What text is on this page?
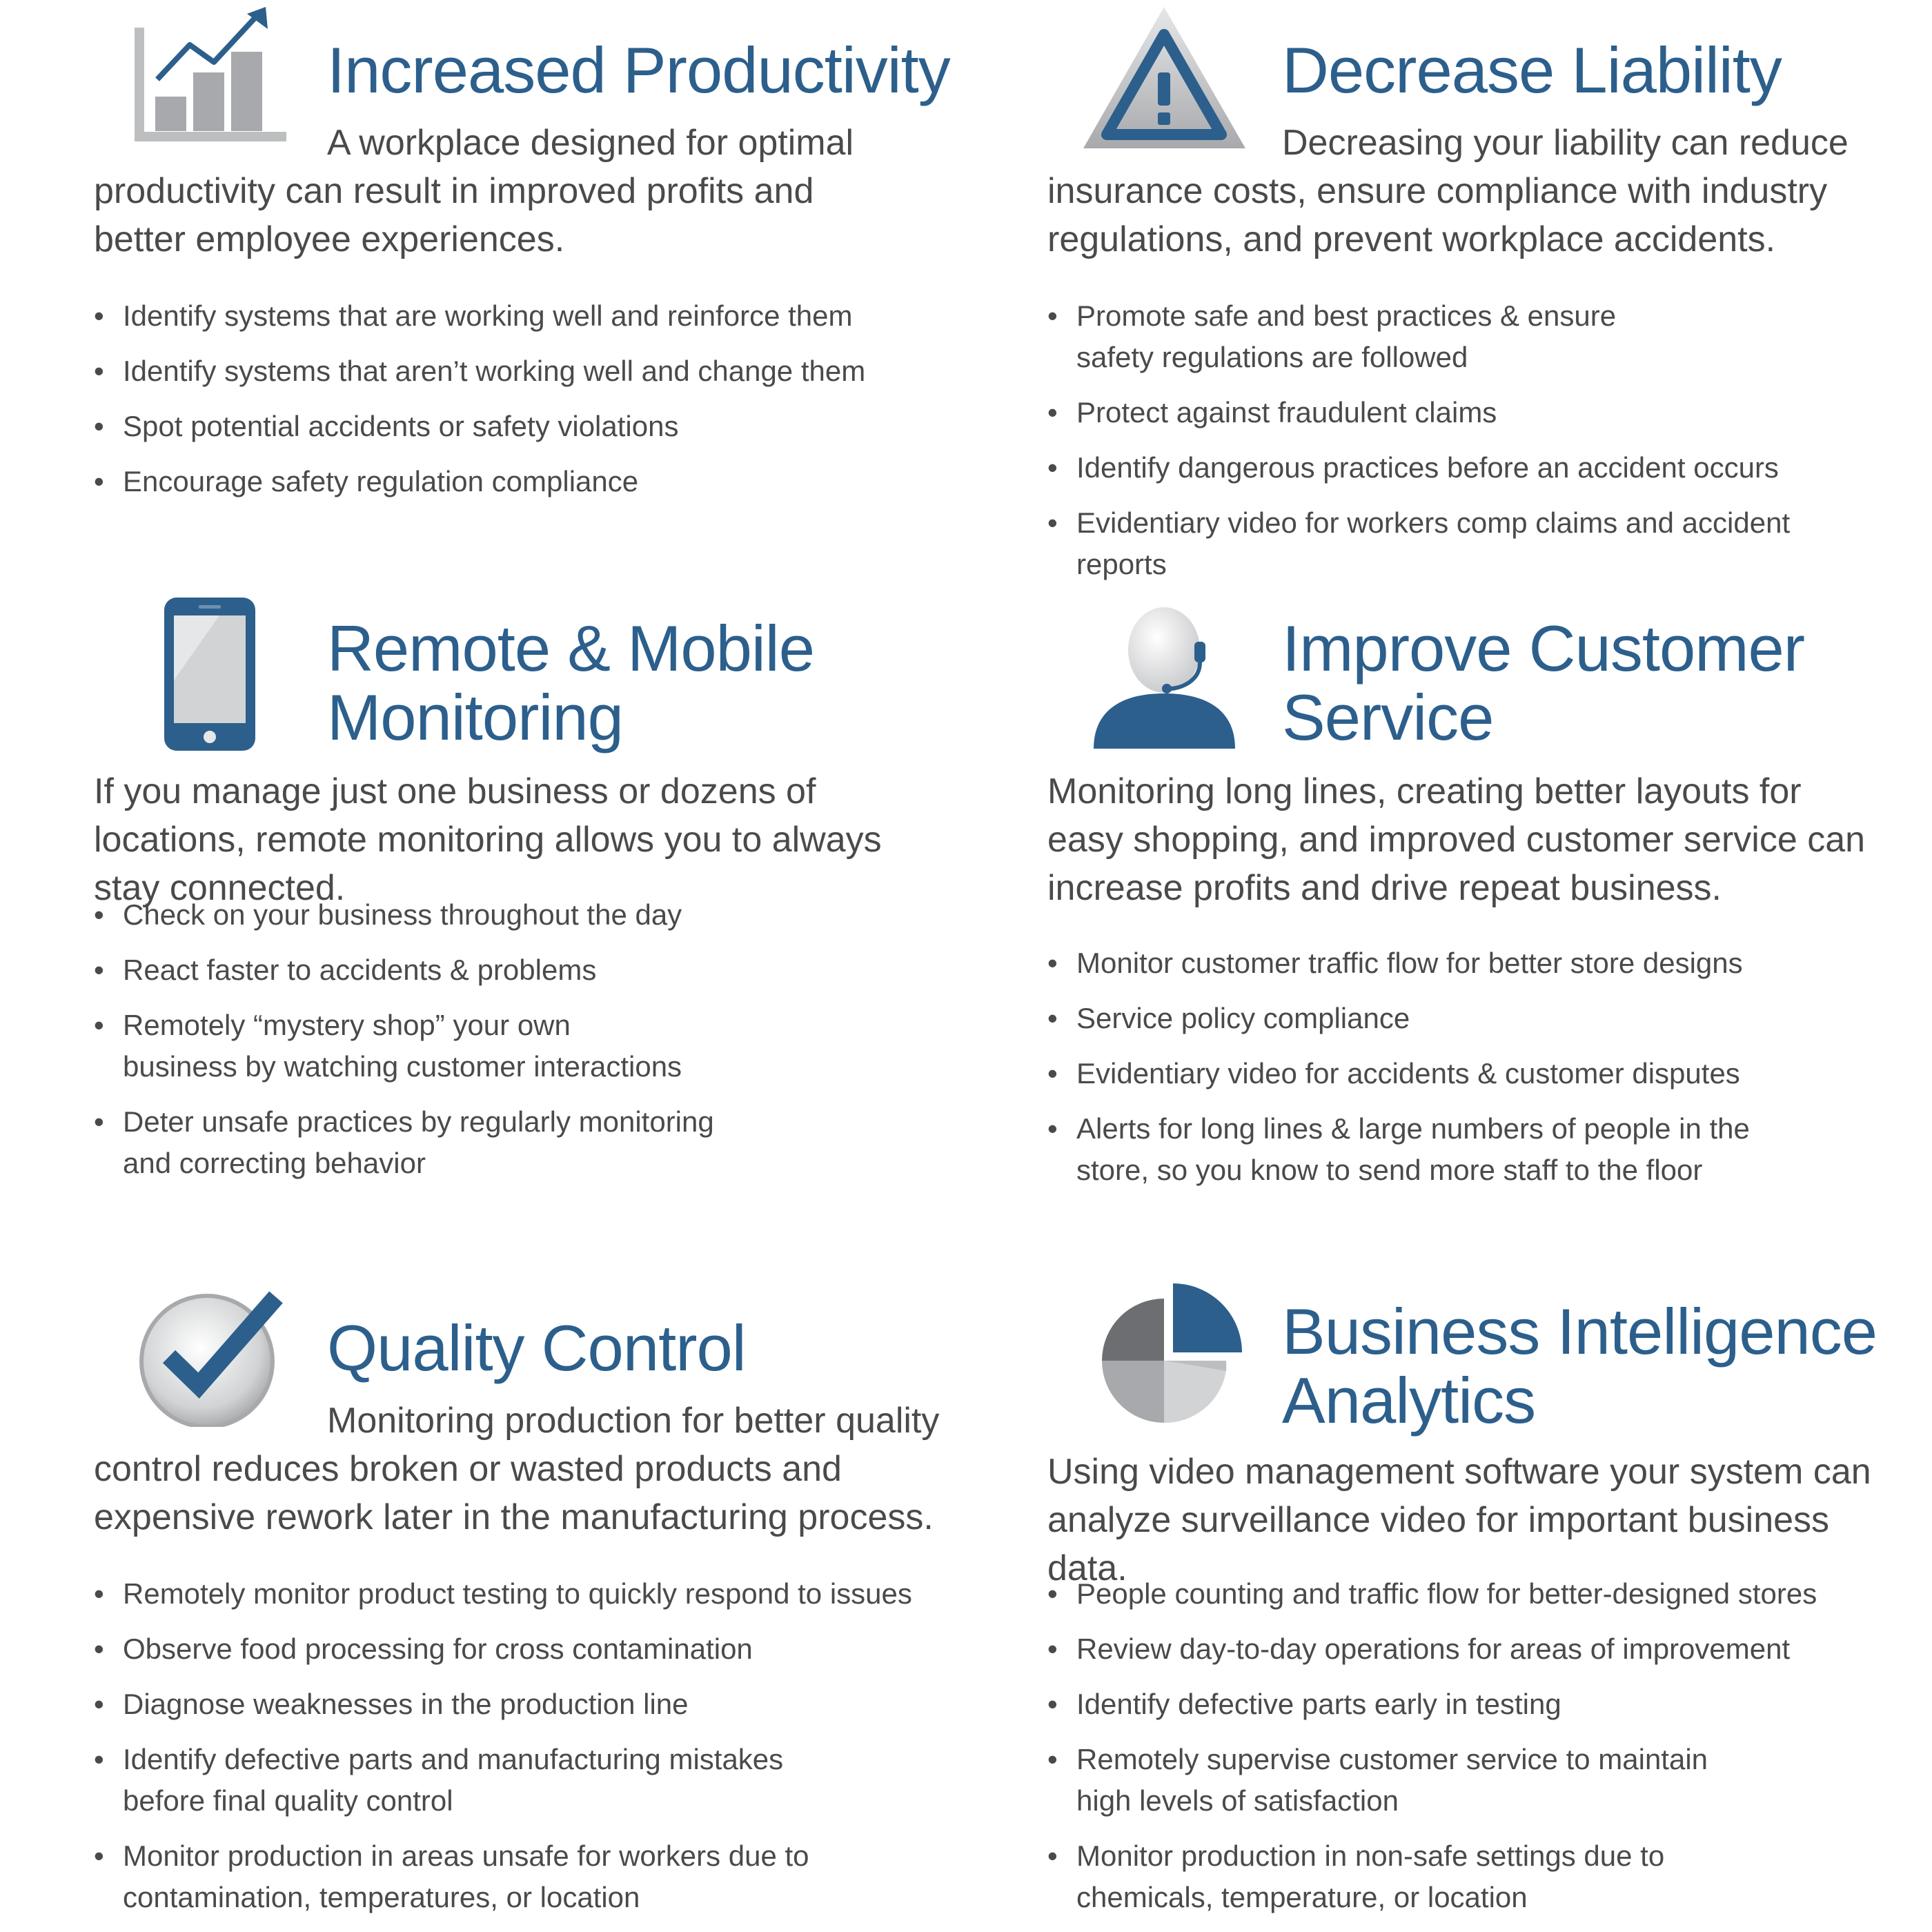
Increased Productivity

A workplace designed for optimal productivity can result in improved profits and better employee experiences.

• Identify systems that are working well and reinforce them
• Identify systems that aren’t working well and change them
• Spot potential accidents or safety violations
• Encourage safety regulation compliance
Decrease Liability

Decreasing your liability can reduce insurance costs, ensure compliance with industry regulations, and prevent workplace accidents.

• Promote safe and best practices & ensure safety regulations are followed
• Protect against fraudulent claims
• Identify dangerous practices before an accident occurs
• Evidentiary video for workers comp claims and accident reports
Remote & Mobile
Monitoring

If you manage just one business or dozens of locations, remote monitoring allows you to always stay connected.

• Check on your business throughout the day
• React faster to accidents & problems
• Remotely “mystery shop” your own business by watching customer interactions
• Deter unsafe practices by regularly monitoring and correcting behavior
Improve Customer
Service

Monitoring long lines, creating better layouts for easy shopping, and improved customer service can increase profits and drive repeat business.

• Monitor customer traffic flow for better store designs
• Service policy compliance
• Evidentiary video for accidents & customer disputes
• Alerts for long lines & large numbers of people in the store, so you know to send more staff to the floor
Quality Control

Monitoring production for better quality control reduces broken or wasted products and expensive rework later in the manufacturing process.

• Remotely monitor product testing to quickly respond to issues
• Observe food processing for cross contamination
• Diagnose weaknesses in the production line
• Identify defective parts and manufacturing mistakes before final quality control
• Monitor production in areas unsafe for workers due to contamination, temperatures, or location
Business Intelligence
Analytics

Using video management software your system can analyze surveillance video for important business data.

• People counting and traffic flow for better-designed stores
• Review day-to-day operations for areas of improvement
• Identify defective parts early in testing
• Remotely supervise customer service to maintain high levels of satisfaction
• Monitor production in non-safe settings due to chemicals, temperature, or location
